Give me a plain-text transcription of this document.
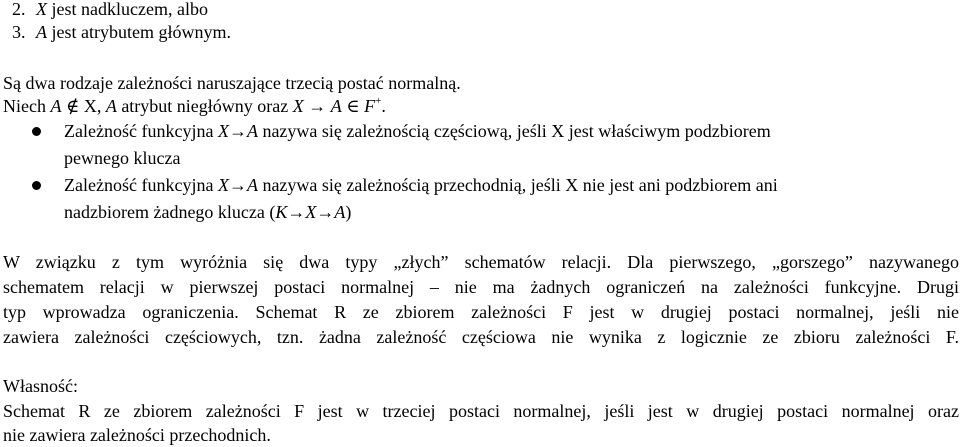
2. X jest nadkluczem, albo
3. A jest atrybutem głównym.
Są dwa rodzaje zależności naruszające trzecią postać normalną.
Niech A ∉ X, A atrybut niegłówny oraz X → A ∈ F+.
Zależność funkcyjna X→A nazywa się zależnością częściową, jeśli X jest właściwym podzbiorem
pewnego klucza
Zależność funkcyjna X→A nazywa się zależnością przechodnią, jeśli X nie jest ani podzbiorem ani
nadzbiorem żadnego klucza (K→X→A)
W związku z tym wyróżnia się dwa typy „złych” schematów relacji. Dla pierwszego, „gorszego” nazywanego
schematem relacji w pierwszej postaci normalnej – nie ma żadnych ograniczeń na zależności funkcyjne. Drugi
typ wprowadza ograniczenia. Schemat R ze zbiorem zależności F jest w drugiej postaci normalnej, jeśli nie
zawiera zależności częściowych, tzn. żadna zależność częściowa nie wynika z logicznie ze zbioru zależności F.
Własność:
Schemat R ze zbiorem zależności F jest w trzeciej postaci normalnej, jeśli jest w drugiej postaci normalnej oraz
nie zawiera zależności przechodnich.
